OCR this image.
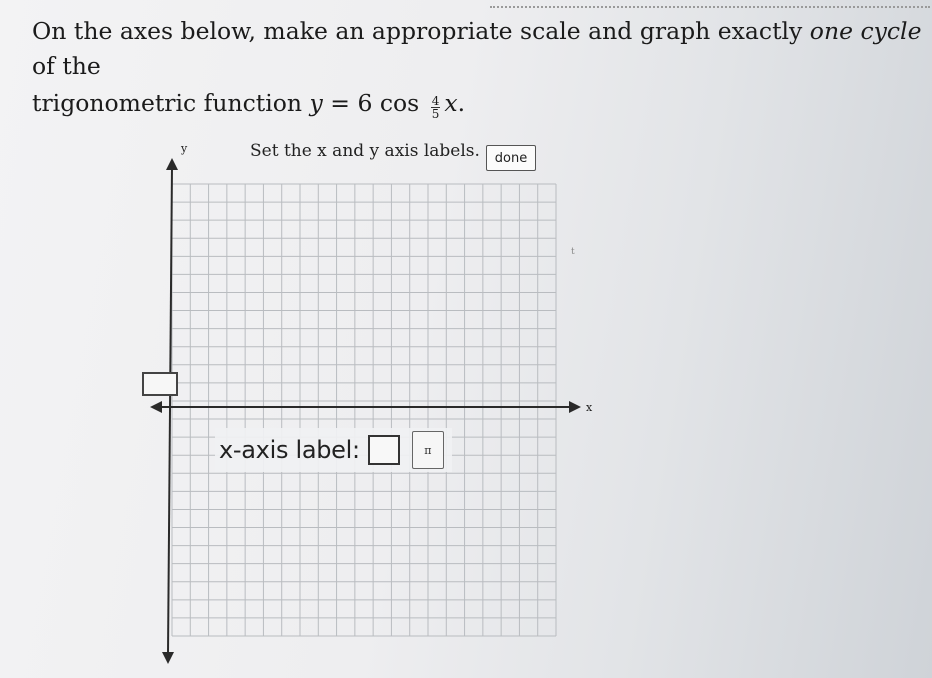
On the axes below, make an appropriate scale and graph exactly one cycle of the
trigonometric function y = 6 $\cos \frac{4}{5} x$.
Set the x and y axis labels.	done
y
x
t
x-axis label:	π
